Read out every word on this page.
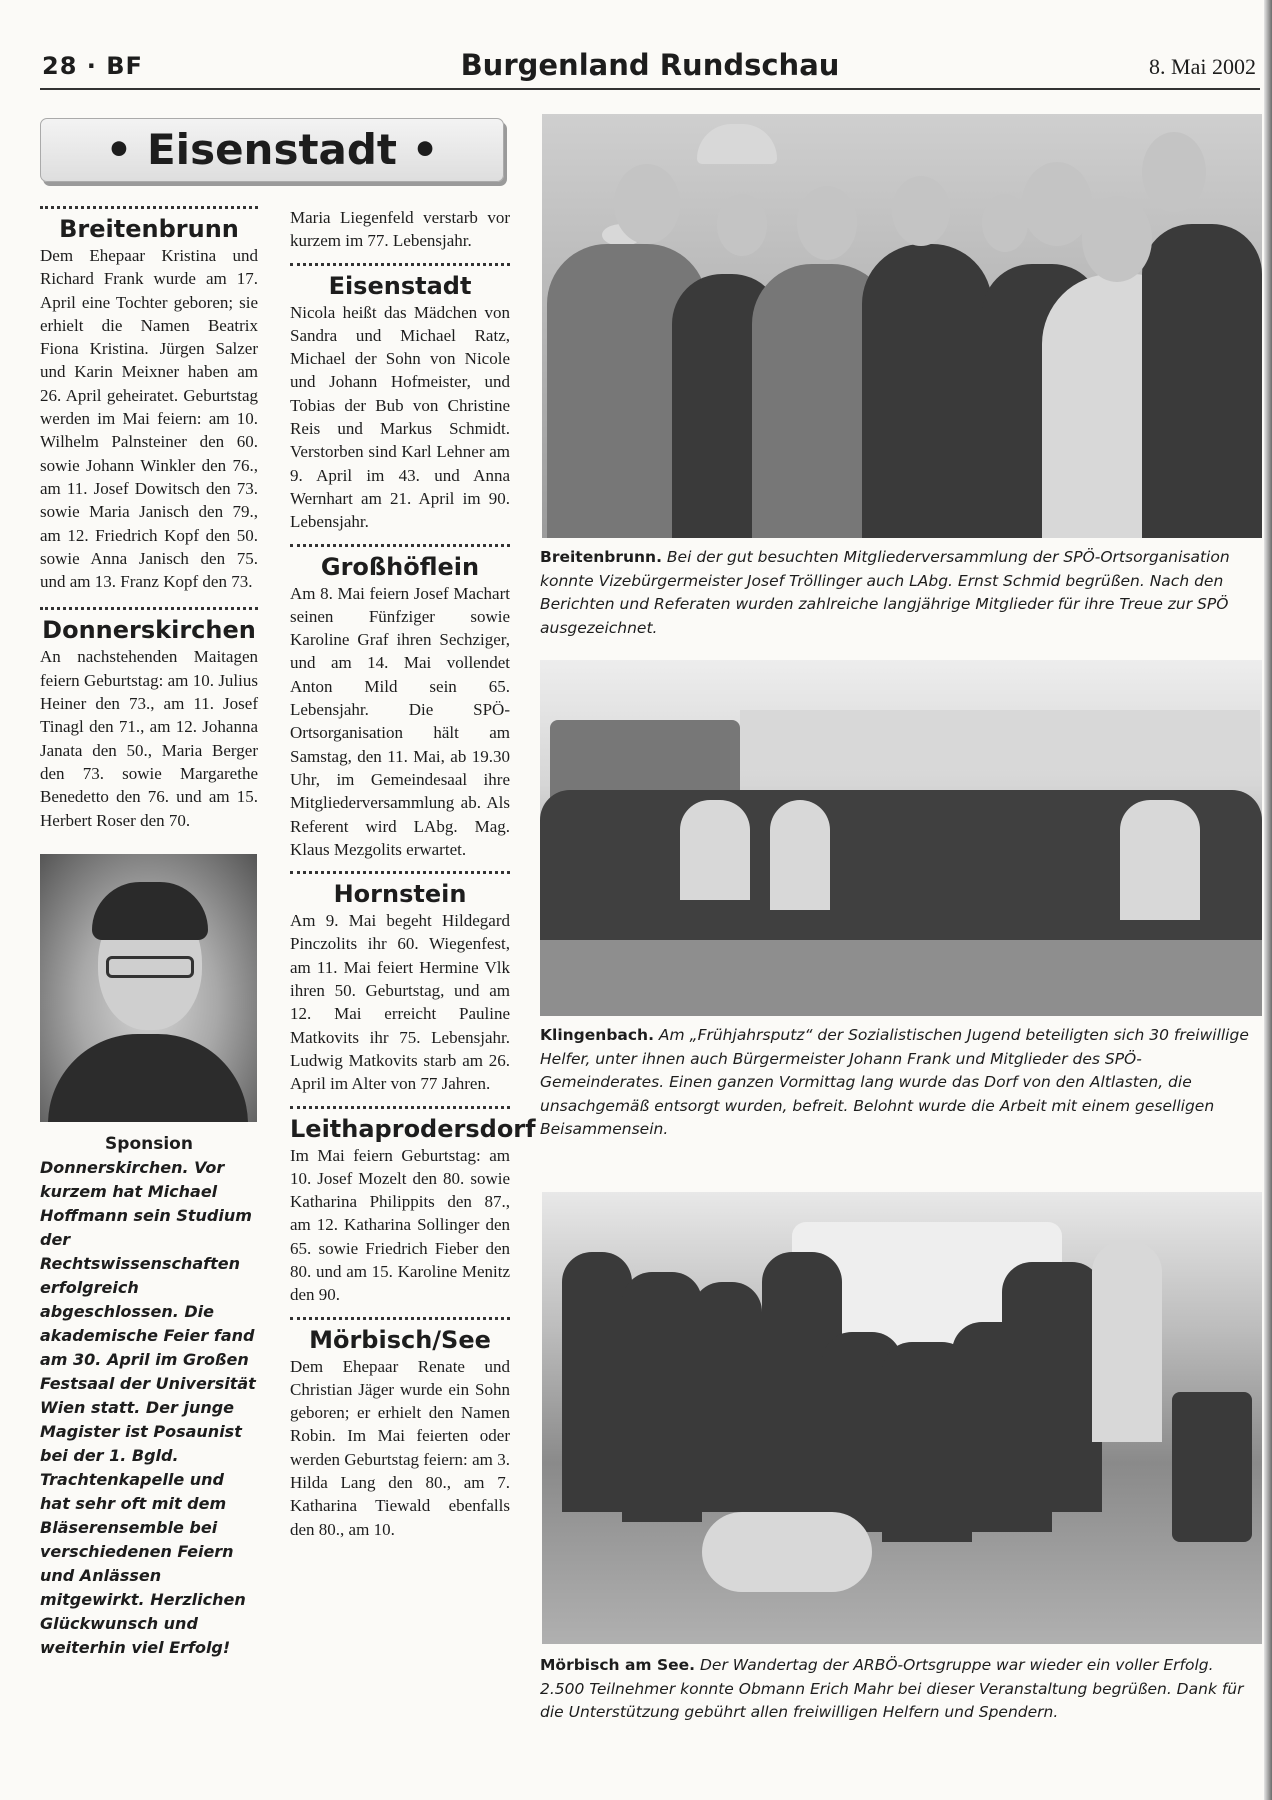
28 · BF	Burgenland Rundschau	8. Mai 2002
• Eisenstadt •
Breitenbrunn
Dem Ehepaar Kristina und Richard Frank wurde am 17. April eine Tochter geboren; sie erhielt die Namen Beatrix Fiona Kristina. Jürgen Salzer und Karin Meixner haben am 26. April geheiratet. Geburtstag werden im Mai feiern: am 10. Wilhelm Palnsteiner den 60. sowie Johann Winkler den 76., am 11. Josef Dowitsch den 73. sowie Maria Janisch den 79., am 12. Friedrich Kopf den 50. sowie Anna Janisch den 75. und am 13. Franz Kopf den 73.
Donnerskirchen
An nachstehenden Maitagen feiern Geburtstag: am 10. Julius Heiner den 73., am 11. Josef Tinagl den 71., am 12. Johanna Janata den 50., Maria Berger den 73. sowie Margarethe Benedetto den 76. und am 15. Herbert Roser den 70.
Sponsion
Donnerskirchen. Vor kurzem hat Michael Hoffmann sein Studium der Rechtswissenschaften erfolgreich abgeschlossen. Die akademische Feier fand am 30. April im Großen Festsaal der Universität Wien statt. Der junge Magister ist Posaunist bei der 1. Bgld. Trachtenkapelle und hat sehr oft mit dem Bläserensemble bei verschiedenen Feiern und Anlässen mitgewirkt. Herzlichen Glückwunsch und weiterhin viel Erfolg!
Maria Liegenfeld verstarb vor kurzem im 77. Lebensjahr.
Eisenstadt
Nicola heißt das Mädchen von Sandra und Michael Ratz, Michael der Sohn von Nicole und Johann Hofmeister, und Tobias der Bub von Christine Reis und Markus Schmidt. Verstorben sind Karl Lehner am 9. April im 43. und Anna Wernhart am 21. April im 90. Lebensjahr.
Großhöflein
Am 8. Mai feiern Josef Machart seinen Fünfziger sowie Karoline Graf ihren Sechziger, und am 14. Mai vollendet Anton Mild sein 65. Lebensjahr. Die SPÖ-Ortsorganisation hält am Samstag, den 11. Mai, ab 19.30 Uhr, im Gemeindesaal ihre Mitgliederversammlung ab. Als Referent wird LAbg. Mag. Klaus Mezgolits erwartet.
Hornstein
Am 9. Mai begeht Hildegard Pinczolits ihr 60. Wiegenfest, am 11. Mai feiert Hermine Vlk ihren 50. Geburtstag, und am 12. Mai erreicht Pauline Matkovits ihr 75. Lebensjahr. Ludwig Matkovits starb am 26. April im Alter von 77 Jahren.
Leithaprodersdorf
Im Mai feiern Geburtstag: am 10. Josef Mozelt den 80. sowie Katharina Philippits den 87., am 12. Katharina Sollinger den 65. sowie Friedrich Fieber den 80. und am 15. Karoline Menitz den 90.
Mörbisch/See
Dem Ehepaar Renate und Christian Jäger wurde ein Sohn geboren; er erhielt den Namen Robin. Im Mai feierten oder werden Geburtstag feiern: am 3. Hilda Lang den 80., am 7. Katharina Tiewald ebenfalls den 80., am 10.
Breitenbrunn. Bei der gut besuchten Mitgliederversammlung der SPÖ-Ortsorganisation konnte Vizebürgermeister Josef Tröllinger auch LAbg. Ernst Schmid begrüßen. Nach den Berichten und Referaten wurden zahlreiche langjährige Mitglieder für ihre Treue zur SPÖ ausgezeichnet.
Klingenbach. Am „Frühjahrsputz“ der Sozialistischen Jugend beteiligten sich 30 freiwillige Helfer, unter ihnen auch Bürgermeister Johann Frank und Mitglieder des SPÖ-Gemeinderates. Einen ganzen Vormittag lang wurde das Dorf von den Altlasten, die unsachgemäß entsorgt wurden, befreit. Belohnt wurde die Arbeit mit einem geselligen Beisammensein.
Mörbisch am See. Der Wandertag der ARBÖ-Ortsgruppe war wieder ein voller Erfolg. 2.500 Teilnehmer konnte Obmann Erich Mahr bei dieser Veranstaltung begrüßen. Dank für die Unterstützung gebührt allen freiwilligen Helfern und Spendern.
